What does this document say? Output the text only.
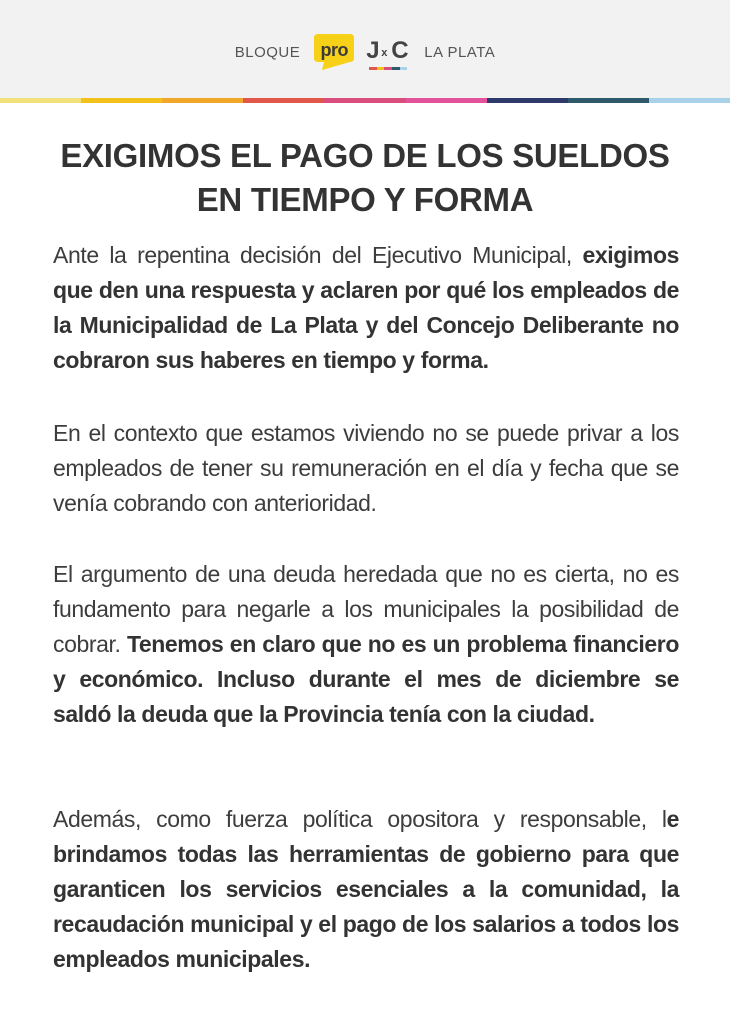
BLOQUE pro J x C LA PLATA
EXIGIMOS EL PAGO DE LOS SUELDOS
EN TIEMPO Y FORMA

Ante la repentina decisión del Ejecutivo Municipal, exigimos que den una respuesta y aclaren por qué los empleados de la Municipalidad de La Plata y del Concejo Deliberante no cobraron sus haberes en tiempo y forma.

En el contexto que estamos viviendo no se puede privar a los empleados de tener su remuneración en el día y fecha que se venía cobrando con anterioridad.

El argumento de una deuda heredada que no es cierta, no es fundamento para negarle a los municipales la posibilidad de cobrar. Tenemos en claro que no es un problema financiero y económico. Incluso durante el mes de diciembre se saldó la deuda que la Provincia tenía con la ciudad.

Además, como fuerza política opositora y responsable, le brindamos todas las herramientas de gobierno para que garanticen los servicios esenciales a la comunidad, la recaudación municipal y el pago de los salarios a todos los empleados municipales.
